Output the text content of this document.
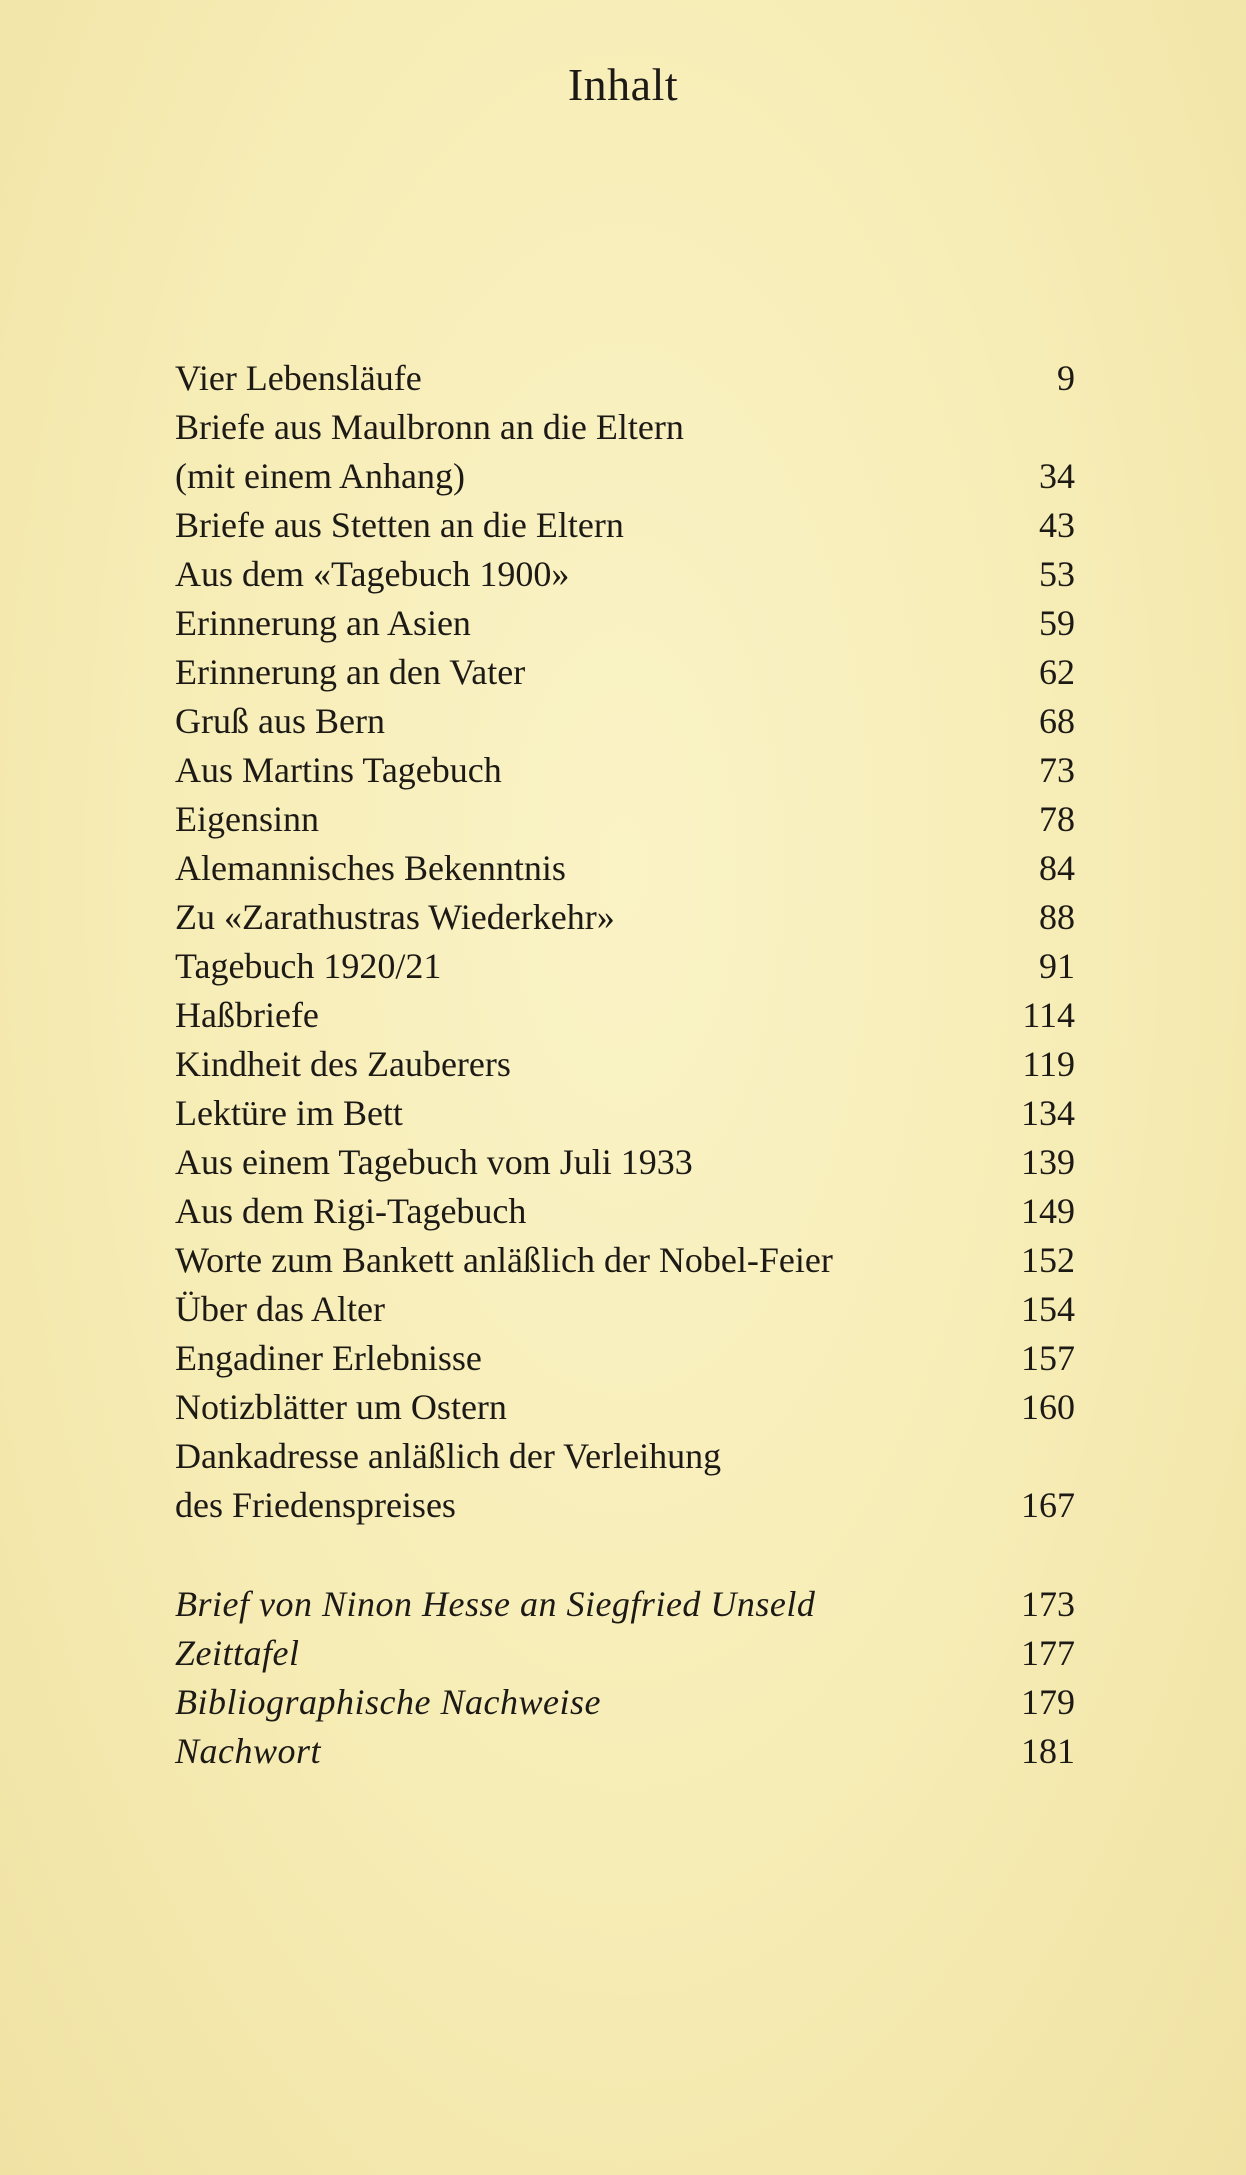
Inhalt
Vier Lebensläufe	9
Briefe aus Maulbronn an die Eltern
(mit einem Anhang)	34
Briefe aus Stetten an die Eltern	43
Aus dem «Tagebuch 1900»	53
Erinnerung an Asien	59
Erinnerung an den Vater	62
Gruß aus Bern	68
Aus Martins Tagebuch	73
Eigensinn	78
Alemannisches Bekenntnis	84
Zu «Zarathustras Wiederkehr»	88
Tagebuch 1920/21	91
Haßbriefe	114
Kindheit des Zauberers	119
Lektüre im Bett	134
Aus einem Tagebuch vom Juli 1933	139
Aus dem Rigi-Tagebuch	149
Worte zum Bankett anläßlich der Nobel-Feier	152
Über das Alter	154
Engadiner Erlebnisse	157
Notizblätter um Ostern	160
Dankadresse anläßlich der Verleihung
des Friedenspreises	167
Brief von Ninon Hesse an Siegfried Unseld	173
Zeittafel	177
Bibliographische Nachweise	179
Nachwort	181
